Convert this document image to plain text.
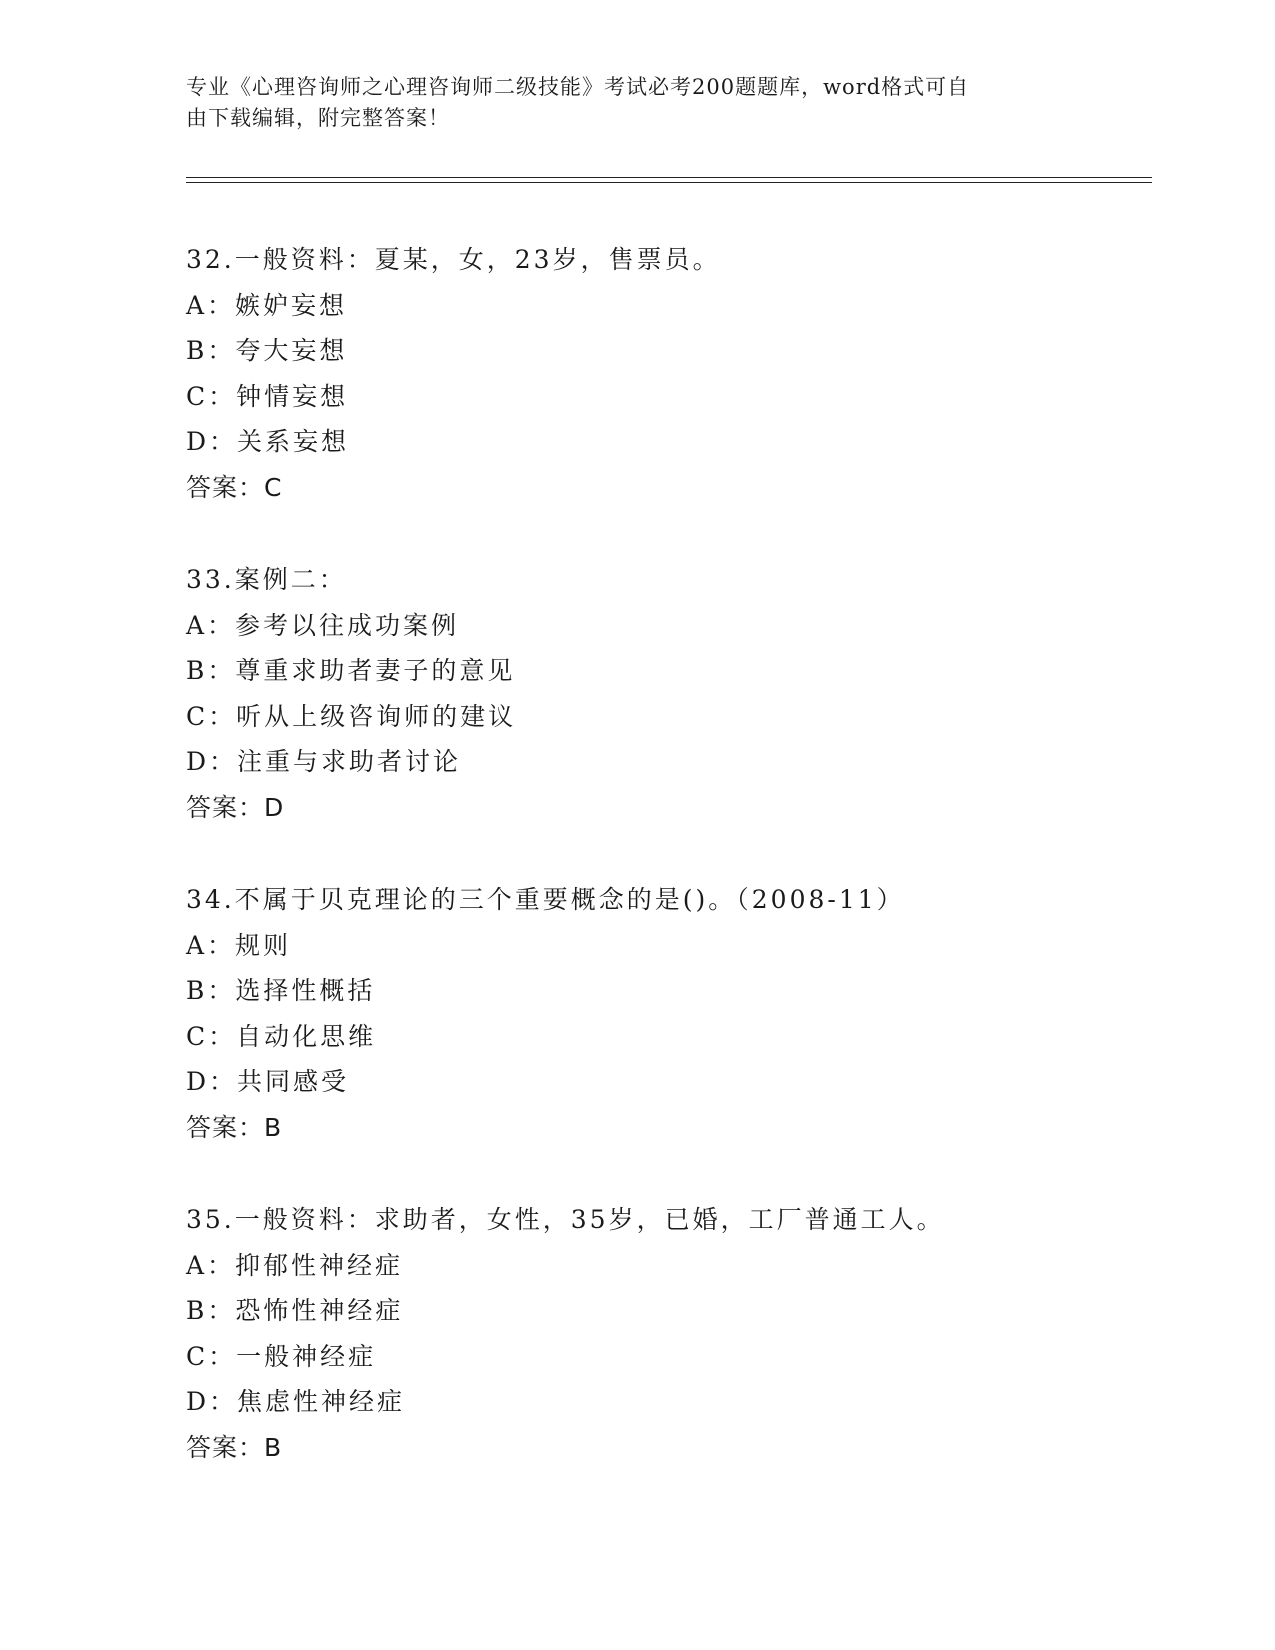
专业《心理咨询师之心理咨询师二级技能》考试必考200题题库，word格式可自
由下载编辑，附完整答案！
32.一般资料：夏某，女，23岁，售票员。
A：嫉妒妄想
B：夸大妄想
C：钟情妄想
D：关系妄想
答案：C
33.案例二：
A：参考以往成功案例
B：尊重求助者妻子的意见
C：听从上级咨询师的建议
D：注重与求助者讨论
答案：D
34.不属于贝克理论的三个重要概念的是()。（2008-11）
A：规则
B：选择性概括
C：自动化思维
D：共同感受
答案：B
35.一般资料：求助者，女性，35岁，已婚，工厂普通工人。
A：抑郁性神经症
B：恐怖性神经症
C：一般神经症
D：焦虑性神经症
答案：B
